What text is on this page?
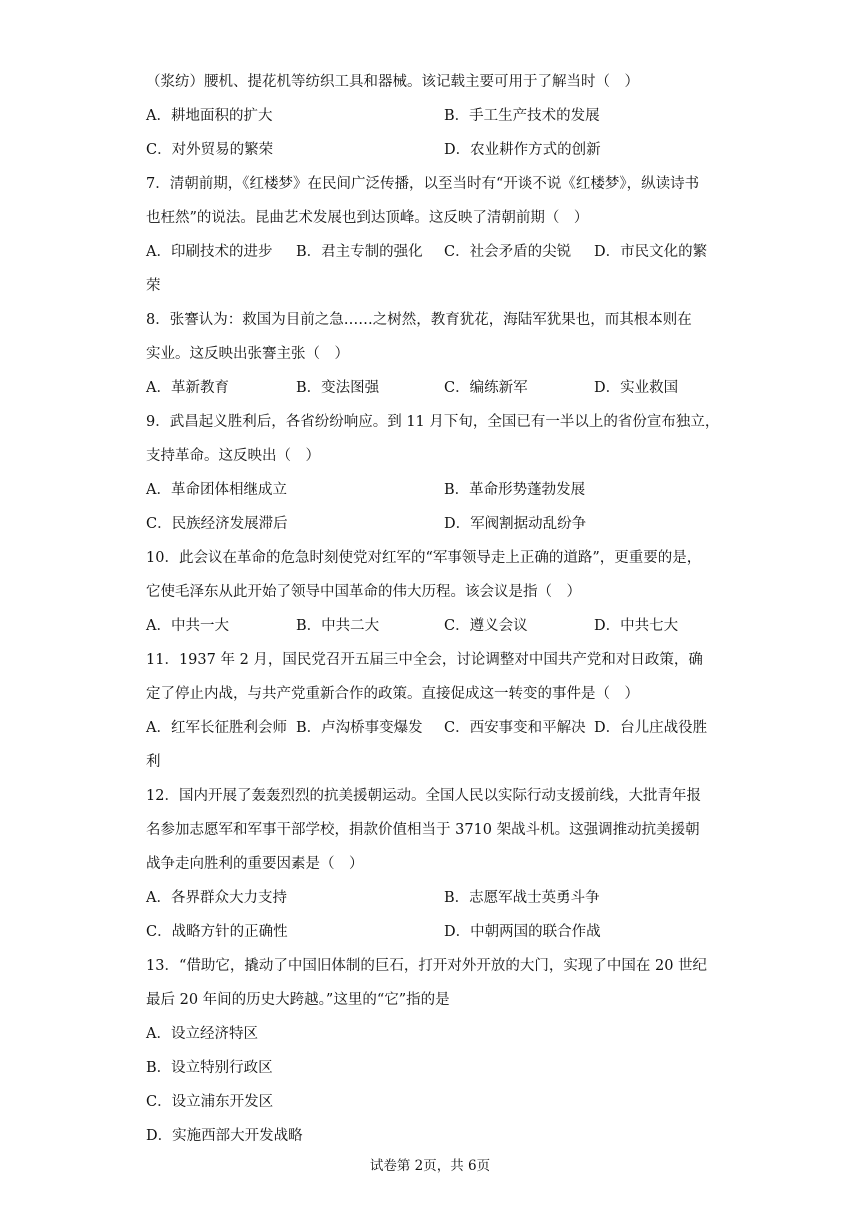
（浆纺）腰机、提花机等纺织工具和器械。该记载主要可用于了解当时（　）
A．耕地面积的扩大	B．手工生产技术的发展
C．对外贸易的繁荣	D．农业耕作方式的创新
7．清朝前期，《红楼梦》在民间广泛传播，以至当时有“开谈不说《红楼梦》，纵读诗书
也枉然”的说法。昆曲艺术发展也到达顶峰。这反映了清朝前期（　）
A．印刷技术的进步 B．君主专制的强化 C．社会矛盾的尖锐 D．市民文化的繁
荣
8．张謇认为：救国为目前之急……之树然，教育犹花，海陆军犹果也，而其根本则在
实业。这反映出张謇主张（　）
A．革新教育	B．变法图强	C．编练新军	D．实业救国
9．武昌起义胜利后，各省纷纷响应。到 11 月下旬，全国已有一半以上的省份宣布独立，
支持革命。这反映出（　）
A．革命团体相继成立	B．革命形势蓬勃发展
C．民族经济发展滞后	D．军阀割据动乱纷争
10．此会议在革命的危急时刻使党对红军的“军事领导走上正确的道路”，更重要的是，
它使毛泽东从此开始了领导中国革命的伟大历程。该会议是指（　）
A．中共一大	B．中共二大	C．遵义会议	D．中共七大
11．1937 年 2 月，国民党召开五届三中全会，讨论调整对中国共产党和对日政策，确
定了停止内战，与共产党重新合作的政策。直接促成这一转变的事件是（　）
A．红军长征胜利会师 B．卢沟桥事变爆发 C．西安事变和平解决 D．台儿庄战役胜
利
12．国内开展了轰轰烈烈的抗美援朝运动。全国人民以实际行动支援前线，大批青年报
名参加志愿军和军事干部学校，捐款价值相当于 3710 架战斗机。这强调推动抗美援朝
战争走向胜利的重要因素是（　）
A．各界群众大力支持	B．志愿军战士英勇斗争
C．战略方针的正确性	D．中朝两国的联合作战
13．“借助它，撬动了中国旧体制的巨石，打开对外开放的大门，实现了中国在 20 世纪
最后 20 年间的历史大跨越。”这里的“它”指的是
A．设立经济特区
B．设立特别行政区
C．设立浦东开发区
D．实施西部大开发战略
试卷第 2页，共 6页
